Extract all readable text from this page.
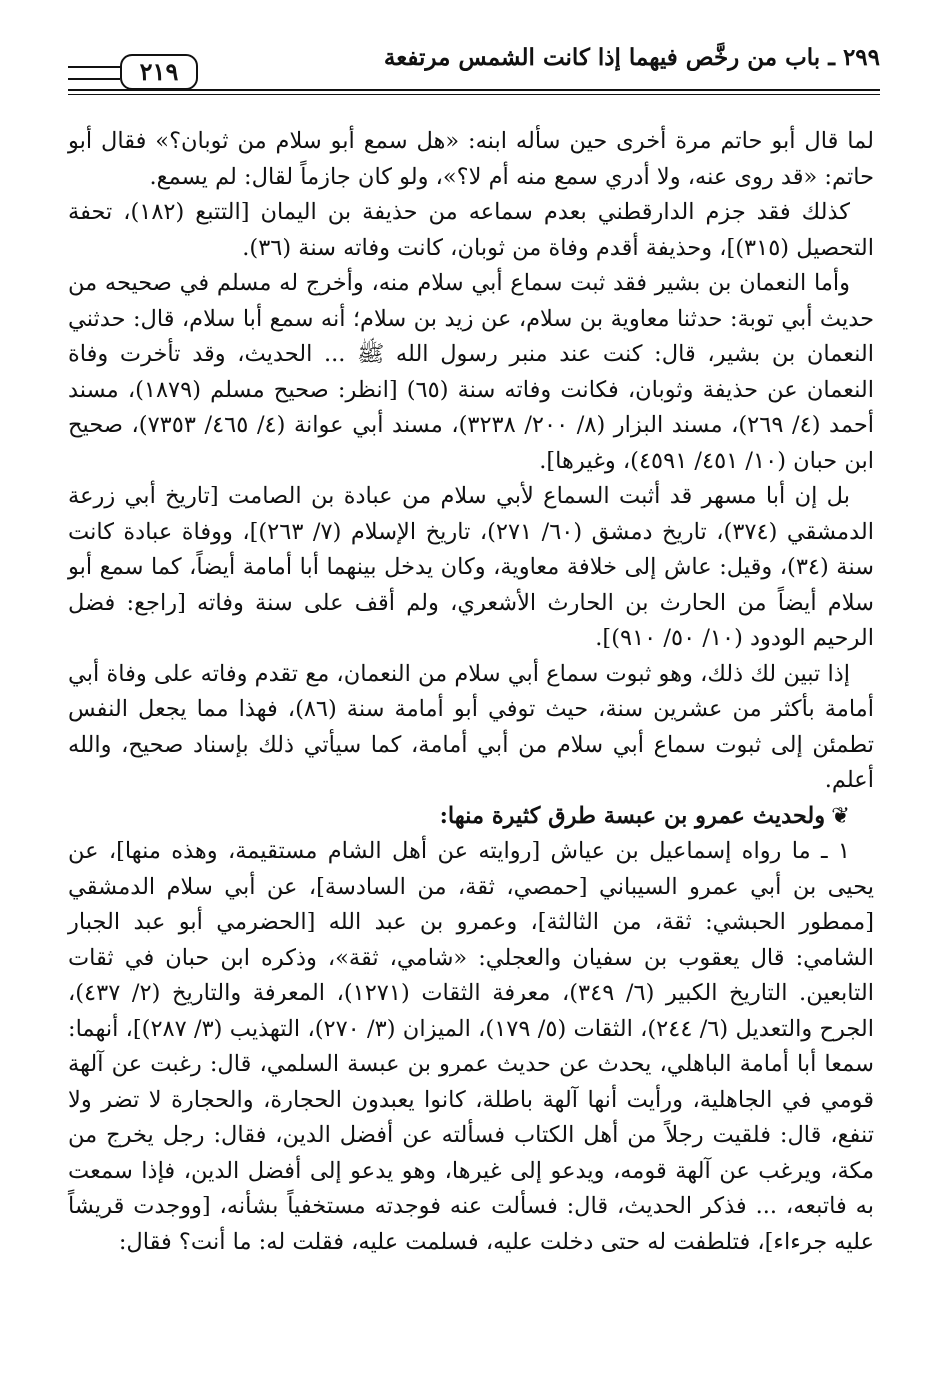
٢٩٩ ـ باب من رخَّص فيهما إذا كانت الشمس مرتفعة
٢١٩

لما قال أبو حاتم مرة أخرى حين سأله ابنه: «هل سمع أبو سلام من ثوبان؟» فقال أبو حاتم: «قد روى عنه، ولا أدري سمع منه أم لا؟»، ولو كان جازماً لقال: لم يسمع.

كذلك فقد جزم الدارقطني بعدم سماعه من حذيفة بن اليمان [التتبع (١٨٢)، تحفة التحصيل (٣١٥)]، وحذيفة أقدم وفاة من ثوبان، كانت وفاته سنة (٣٦).

وأما النعمان بن بشير فقد ثبت سماع أبي سلام منه، وأخرج له مسلم في صحيحه من حديث أبي توبة: حدثنا معاوية بن سلام، عن زيد بن سلام؛ أنه سمع أبا سلام، قال: حدثني النعمان بن بشير، قال: كنت عند منبر رسول الله ﷺ ... الحديث، وقد تأخرت وفاة النعمان عن حذيفة وثوبان، فكانت وفاته سنة (٦٥) [انظر: صحيح مسلم (١٨٧٩)، مسند أحمد (٤/ ٢٦٩)، مسند البزار (٨/ ٢٠٠/ ٣٢٣٨)، مسند أبي عوانة (٤/ ٤٦٥/ ٧٣٥٣)، صحيح ابن حبان (١٠/ ٤٥١/ ٤٥٩١)، وغيرها].

بل إن أبا مسهر قد أثبت السماع لأبي سلام من عبادة بن الصامت [تاريخ أبي زرعة الدمشقي (٣٧٤)، تاريخ دمشق (٦٠/ ٢٧١)، تاريخ الإسلام (٧/ ٢٦٣)]، ووفاة عبادة كانت سنة (٣٤)، وقيل: عاش إلى خلافة معاوية، وكان يدخل بينهما أبا أمامة أيضاً، كما سمع أبو سلام أيضاً من الحارث بن الحارث الأشعري، ولم أقف على سنة وفاته [راجع: فضل الرحيم الودود (١٠/ ٥٠/ ٩١٠)].

إذا تبين لك ذلك، وهو ثبوت سماع أبي سلام من النعمان، مع تقدم وفاته على وفاة أبي أمامة بأكثر من عشرين سنة، حيث توفي أبو أمامة سنة (٨٦)، فهذا مما يجعل النفس تطمئن إلى ثبوت سماع أبي سلام من أبي أمامة، كما سيأتي ذلك بإسناد صحيح، والله أعلم.

❦ولحديث عمرو بن عبسة طرق كثيرة منها:

١ ـ ما رواه إسماعيل بن عياش [روايته عن أهل الشام مستقيمة، وهذه منها]، عن يحيى بن أبي عمرو السيباني [حمصي، ثقة، من السادسة]، عن أبي سلام الدمشقي [ممطور الحبشي: ثقة، من الثالثة]، وعمرو بن عبد الله [الحضرمي أبو عبد الجبار الشامي: قال يعقوب بن سفيان والعجلي: «شامي، ثقة»، وذكره ابن حبان في ثقات التابعين. التاريخ الكبير (٦/ ٣٤٩)، معرفة الثقات (١٢٧١)، المعرفة والتاريخ (٢/ ٤٣٧)، الجرح والتعديل (٦/ ٢٤٤)، الثقات (٥/ ١٧٩)، الميزان (٣/ ٢٧٠)، التهذيب (٣/ ٢٨٧)]، أنهما: سمعا أبا أمامة الباهلي، يحدث عن حديث عمرو بن عبسة السلمي، قال: رغبت عن آلهة قومي في الجاهلية، ورأيت أنها آلهة باطلة، كانوا يعبدون الحجارة، والحجارة لا تضر ولا تنفع، قال: فلقيت رجلاً من أهل الكتاب فسألته عن أفضل الدين، فقال: رجل يخرج من مكة، ويرغب عن آلهة قومه، ويدعو إلى غيرها، وهو يدعو إلى أفضل الدين، فإذا سمعت به فاتبعه، ... فذكر الحديث، قال: فسألت عنه فوجدته مستخفياً بشأنه، [ووجدت قريشاً عليه جرءاء]، فتلطفت له حتى دخلت عليه، فسلمت عليه، فقلت له: ما أنت؟ فقال:
